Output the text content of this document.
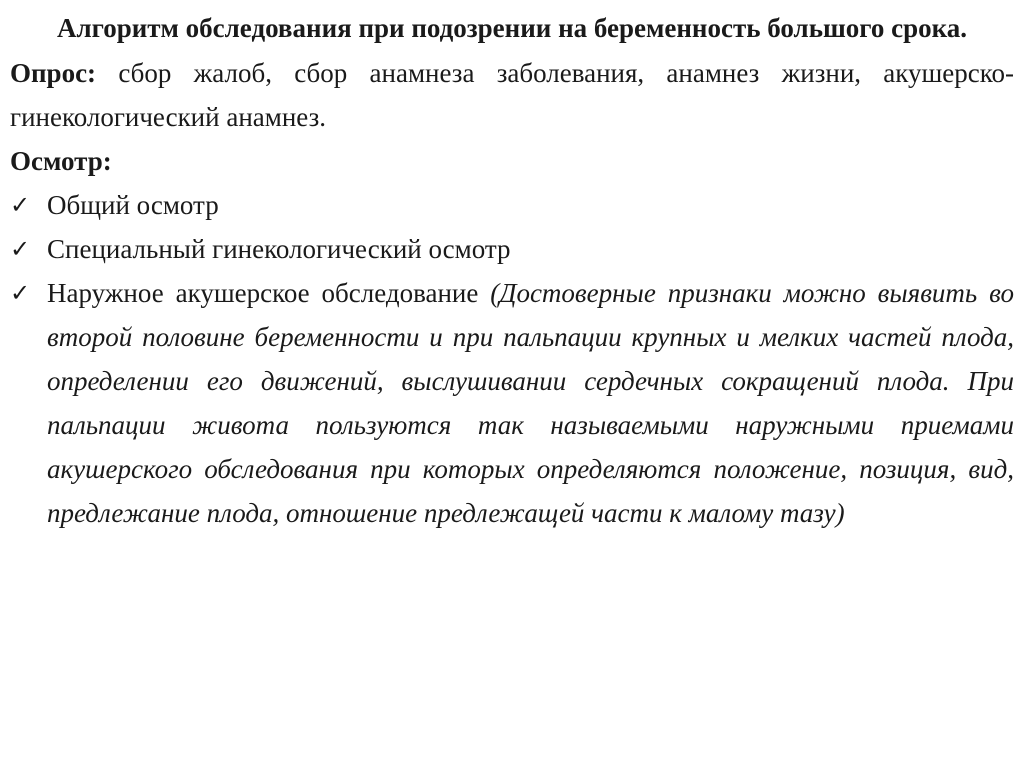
Алгоритм обследования при подозрении на беременность большого срока.

Опрос: сбор жалоб, сбор анамнеза заболевания, анамнез жизни, акушерско-гинекологический анамнез.

Осмотр:

✓ Общий осмотр
✓ Специальный гинекологический осмотр
✓ Наружное акушерское обследование (Достоверные признаки можно выявить во второй половине беременности и при пальпации крупных и мелких частей плода, определении его движений, выслушивании сердечных сокращений плода. При пальпации живота пользуются так называемыми наружными приемами акушерского обследования при которых определяются положение, позиция, вид, предлежание плода, отношение предлежащей части к малому тазу)
